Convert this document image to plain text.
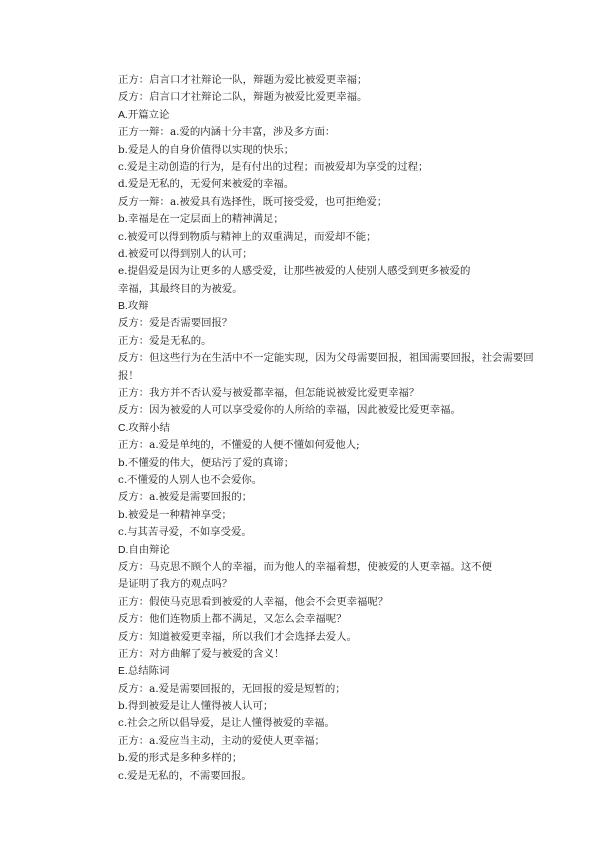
正方：启言口才社辩论一队，辩题为爱比被爱更幸福；
反方：启言口才社辩论二队，辩题为被爱比爱更幸福。
A.开篇立论
正方一辩：a.爱的内涵十分丰富，涉及多方面：
b.爱是人的自身价值得以实现的快乐；
c.爱是主动创造的行为，是有付出的过程；而被爱却为享受的过程；
d.爱是无私的，无爱何来被爱的幸福。
反方一辩：a.被爱具有选择性，既可接受爱，也可拒绝爱；
b.幸福是在一定层面上的精神满足；
c.被爱可以得到物质与精神上的双重满足，而爱却不能；
d.被爱可以得到别人的认可；
e.提倡爱是因为让更多的人感受爱，让那些被爱的人使别人感受到更多被爱的
幸福，其最终目的为被爱。
B.攻辩
反方：爱是否需要回报？
正方：爱是无私的。
反方：但这些行为在生活中不一定能实现，因为父母需要回报，祖国需要回报，社会需要回
报！
正方：我方并不否认爱与被爱都幸福，但怎能说被爱比爱更幸福？
反方：因为被爱的人可以享受爱你的人所给的幸福，因此被爱比爱更幸福。
C.攻辩小结
正方：a.爱是单纯的，不懂爱的人便不懂如何爱他人;
b.不懂爱的伟大，便玷污了爱的真谛；
c.不懂爱的人别人也不会爱你。
反方：a.被爱是需要回报的；
b.被爱是一种精神享受；
c.与其苦寻爱，不如享受爱。
D.自由辩论
反方：马克思不顾个人的幸福，而为他人的幸福着想，使被爱的人更幸福。这不便
是证明了我方的观点吗？
正方：假使马克思看到被爱的人幸福，他会不会更幸福呢？
反方：他们连物质上都不满足，又怎么会幸福呢？
反方：知道被爱更幸福，所以我们才会选择去爱人。
正方：对方曲解了爱与被爱的含义！
E.总结陈词
反方：a.爱是需要回报的，无回报的爱是短暂的；
b.得到被爱是让人懂得被人认可；
c.社会之所以倡导爱，是让人懂得被爱的幸福。
正方：a.爱应当主动，主动的爱使人更幸福；
b.爱的形式是多种多样的；
c.爱是无私的，不需要回报。
